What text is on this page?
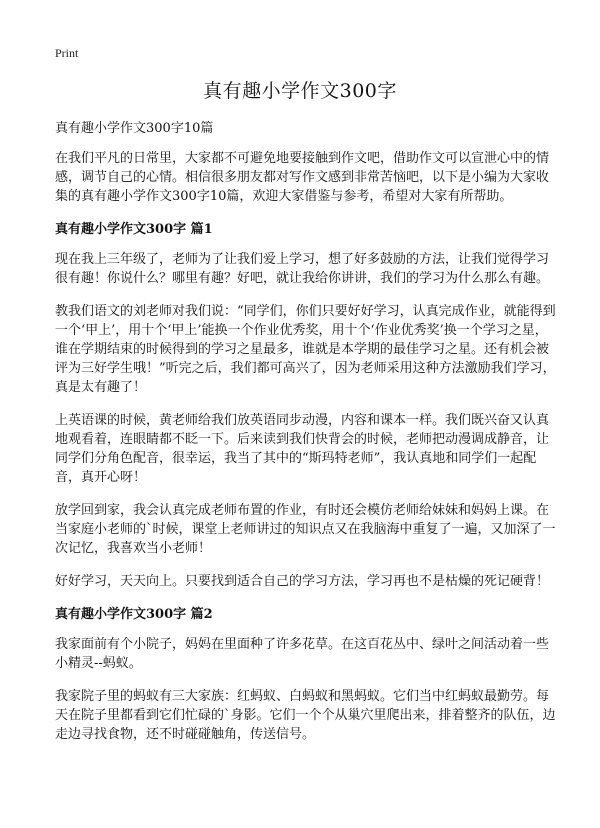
Print
真有趣小学作文300字

真有趣小学作文300字10篇

在我们平凡的日常里，大家都不可避免地要接触到作文吧，借助作文可以宣泄心中的情感，调节自己的心情。相信很多朋友都对写作文感到非常苦恼吧，以下是小编为大家收集的真有趣小学作文300字10篇，欢迎大家借鉴与参考，希望对大家有所帮助。

真有趣小学作文300字 篇1

现在我上三年级了，老师为了让我们爱上学习，想了好多鼓励的方法，让我们觉得学习很有趣！你说什么？哪里有趣？好吧，就让我给你讲讲，我们的学习为什么那么有趣。

教我们语文的刘老师对我们说：“同学们，你们只要好好学习，认真完成作业，就能得到一个‘甲上’，用十个‘甲上’能换一个作业优秀奖，用十个‘作业优秀奖’换一个学习之星，谁在学期结束的时候得到的学习之星最多，谁就是本学期的最佳学习之星。还有机会被评为三好学生哦！”听完之后，我们都可高兴了，因为老师采用这种方法激励我们学习，真是太有趣了！

上英语课的时候，黄老师给我们放英语同步动漫，内容和课本一样。我们既兴奋又认真地观看着，连眼睛都不眨一下。后来读到我们快背会的时候，老师把动漫调成静音，让同学们分角色配音，很幸运，我当了其中的“斯玛特老师”，我认真地和同学们一起配音，真开心呀！

放学回到家，我会认真完成老师布置的作业，有时还会模仿老师给妹妹和妈妈上课。在当家庭小老师的`时候，课堂上老师讲过的知识点又在我脑海中重复了一遍，又加深了一次记忆，我喜欢当小老师！

好好学习，天天向上。只要找到适合自己的学习方法，学习再也不是枯燥的死记硬背！

真有趣小学作文300字 篇2

我家面前有个小院子，妈妈在里面种了许多花草。在这百花丛中、绿叶之间活动着一些小精灵--蚂蚁。

我家院子里的蚂蚁有三大家族：红蚂蚁、白蚂蚁和黑蚂蚁。它们当中红蚂蚁最勤劳。每天在院子里都看到它们忙碌的`身影。它们一个个从巢穴里爬出来，排着整齐的队伍，边走边寻找食物，还不时碰碰触角，传送信号。
